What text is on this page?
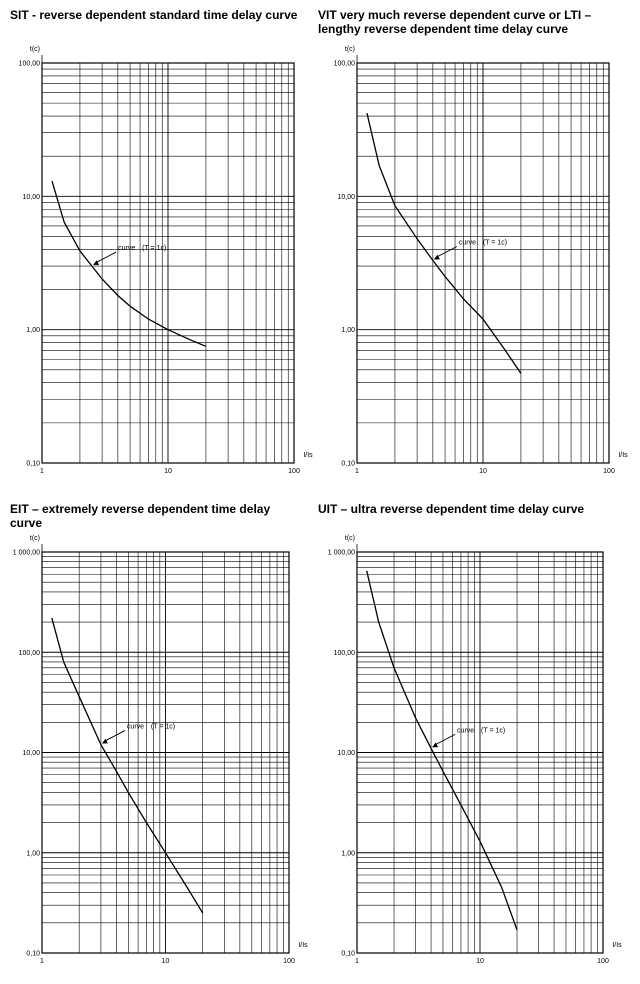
SIT - reverse dependent standard time delay curve

1	10	100
0,10
1,00
10,00
100,00
t(c)
I/Is
curve (T = 1c)

VIT very much reverse dependent curve or LTI – lengthy reverse dependent time delay curve

1	10	100
0,10
1,00
10,00
100,00
t(c)
I/Is
curve (T = 1c)

EIT – extremely reverse dependent time delay curve

1	10	100
0,10
1,00
10,00
100,00
1 000,00
t(c)
I/Is
curve (T = 1c)

UIT – ultra reverse dependent time delay curve

1	10	100
0,10
1,00
10,00
100,00
1 000,00
t(c)
I/Is
curve (T = 1c)
